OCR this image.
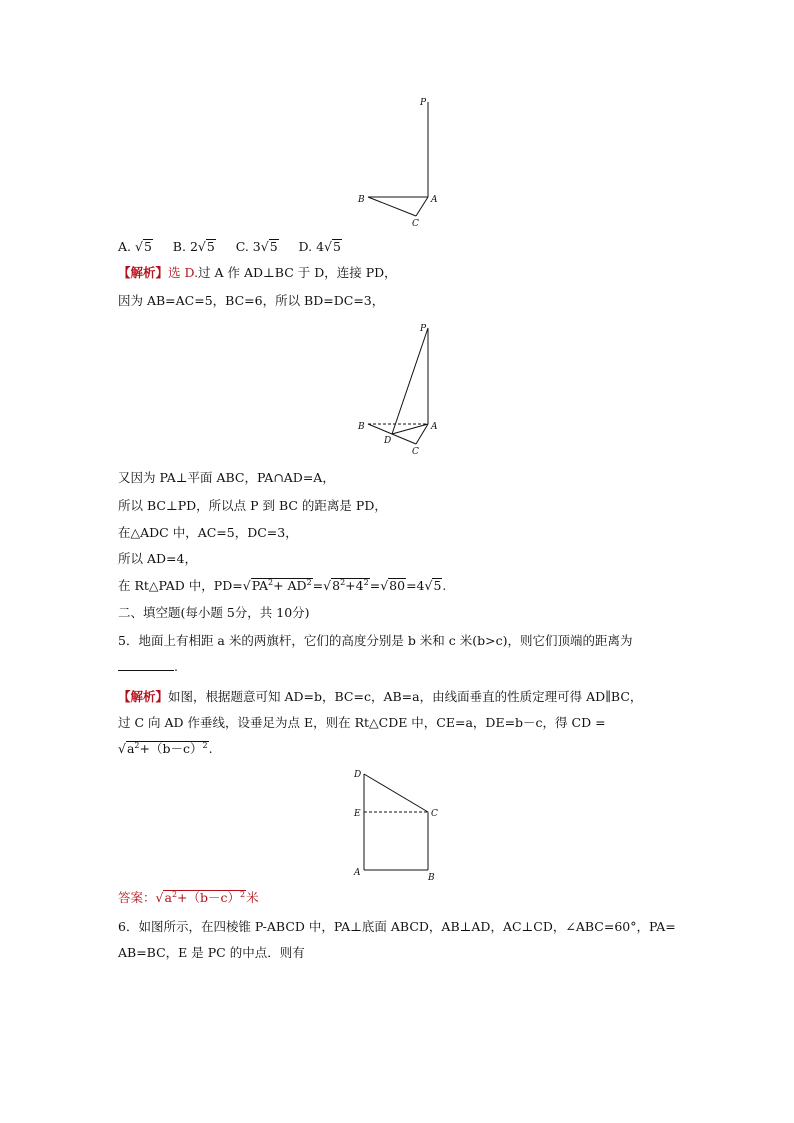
P
B	A
C
A. √5 B. 2√5 C. 3√5 D. 4√5
【解析】选 D.过 A 作 AD⊥BC 于 D，连接 PD，
因为 AB=AC=5，BC=6，所以 BD=DC=3，
P
B	A
D
C
又因为 PA⊥平面 ABC，PA∩AD=A，
所以 BC⊥PD，所以点 P 到 BC 的距离是 PD，
在△ADC 中，AC=5，DC=3，
所以 AD=4，
在 Rt△PAD 中，$PD=√PA^2+ AD^2=√8^2+4^2=√80=4√5$.
二、填空题(每小题 5分，共 10分)
5．地面上有相距 a 米的两旗杆，它们的高度分别是 b 米和 c 米(b>c)，则它们顶端的距离为
.
【解析】如图，根据题意可知 AD=b，BC=c，AB=a，由线面垂直的性质定理可得 AD∥BC，
过 C 向 AD 作垂线，设垂足为点 E，则在 Rt△CDE 中，CE=a，DE=b－c，得 CD =
$√a^2+(b-c)^2$.
D
E	C
A	B
答案：$√a^2+(b-c)^2$米
6．如图所示，在四棱锥 P-ABCD 中，PA⊥底面 ABCD，AB⊥AD，AC⊥CD，∠ABC=60°，PA=
AB=BC，E 是 PC 的中点．则有
